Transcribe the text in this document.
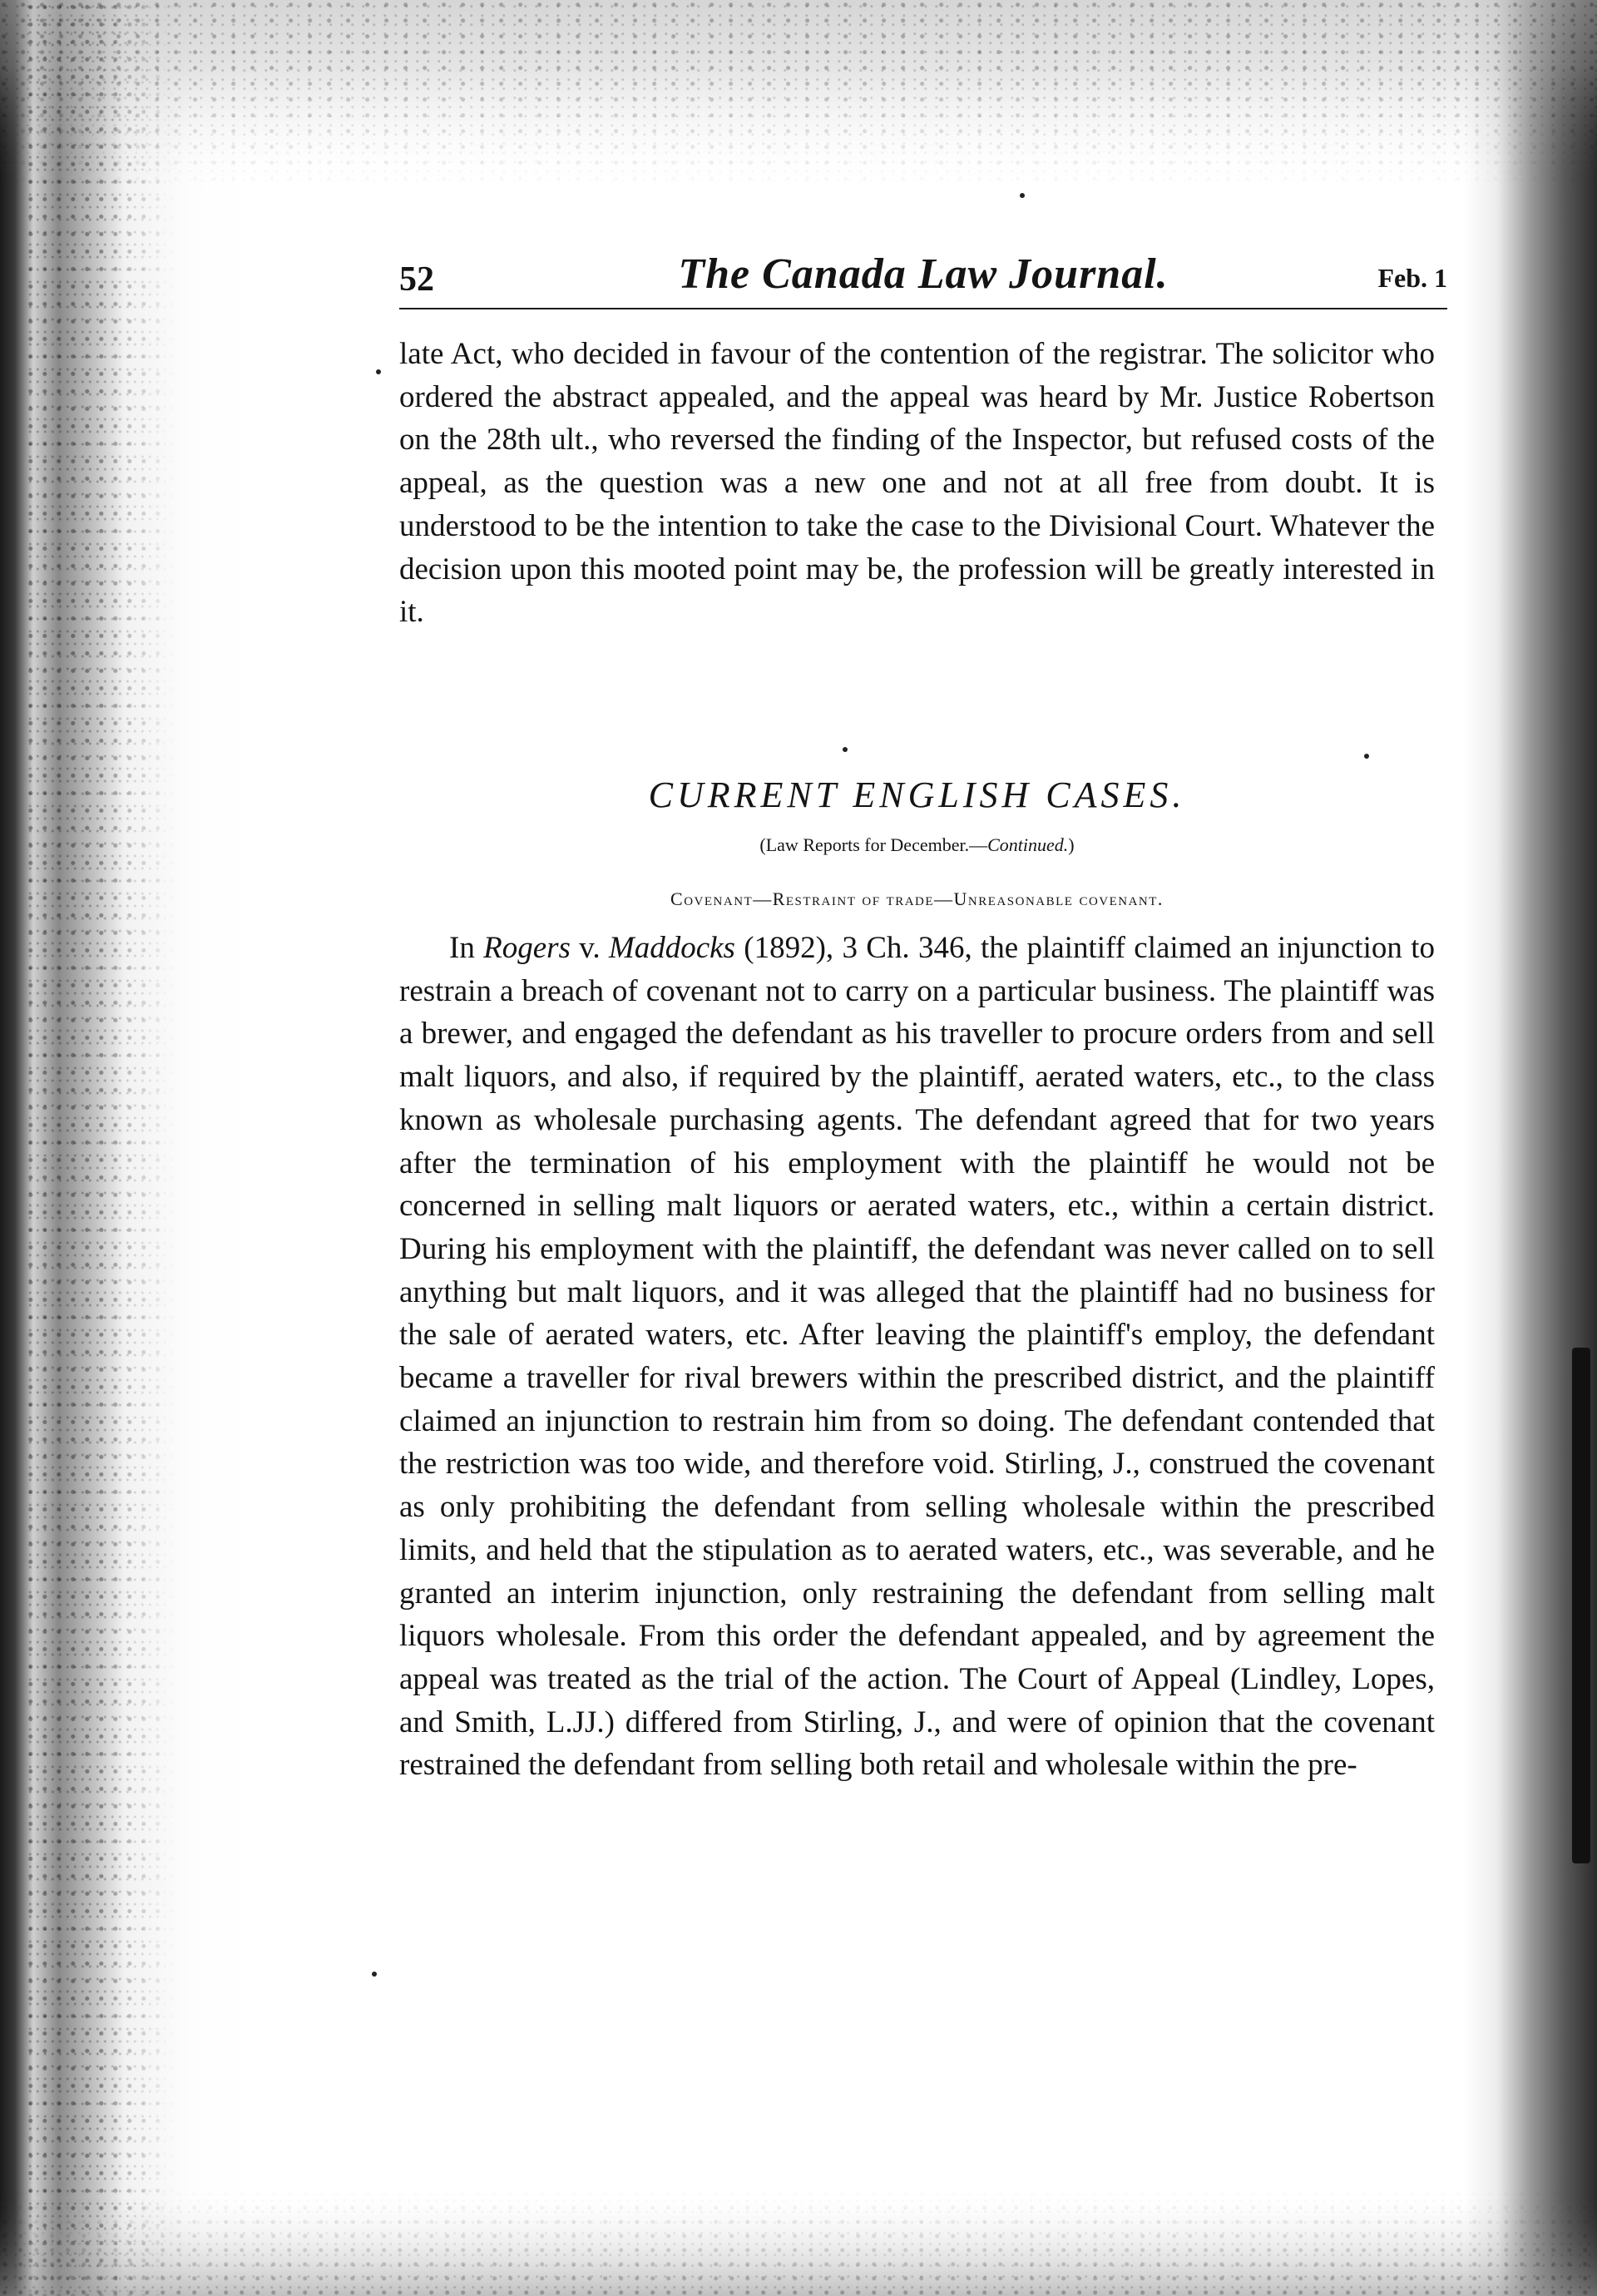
52	The Canada Law Journal.	Feb. 1

late Act, who decided in favour of the contention of the registrar. The solicitor who ordered the abstract appealed, and the appeal was heard by Mr. Justice Robertson on the 28th ult., who reversed the finding of the Inspector, but refused costs of the appeal, as the question was a new one and not at all free from doubt. It is understood to be the intention to take the case to the Divisional Court. Whatever the decision upon this mooted point may be, the profession will be greatly interested in it.

CURRENT ENGLISH CASES.
(Law Reports for December.—Continued.)
Covenant—Restraint of trade—Unreasonable covenant.

In Rogers v. Maddocks (1892), 3 Ch. 346, the plaintiff claimed an injunction to restrain a breach of covenant not to carry on a particular business. The plaintiff was a brewer, and engaged the defendant as his traveller to procure orders from and sell malt liquors, and also, if required by the plaintiff, aerated waters, etc., to the class known as wholesale purchasing agents. The defendant agreed that for two years after the termination of his employment with the plaintiff he would not be concerned in selling malt liquors or aerated waters, etc., within a certain district. During his employment with the plaintiff, the defendant was never called on to sell anything but malt liquors, and it was alleged that the plaintiff had no business for the sale of aerated waters, etc. After leaving the plaintiff's employ, the defendant became a traveller for rival brewers within the prescribed district, and the plaintiff claimed an injunction to restrain him from so doing. The defendant contended that the restriction was too wide, and therefore void. Stirling, J., construed the covenant as only prohibiting the defendant from selling wholesale within the prescribed limits, and held that the stipulation as to aerated waters, etc., was severable, and he granted an interim injunction, only restraining the defendant from selling malt liquors wholesale. From this order the defendant appealed, and by agreement the appeal was treated as the trial of the action. The Court of Appeal (Lindley, Lopes, and Smith, L.JJ.) differed from Stirling, J., and were of opinion that the covenant restrained the defendant from selling both retail and wholesale within the pre-
